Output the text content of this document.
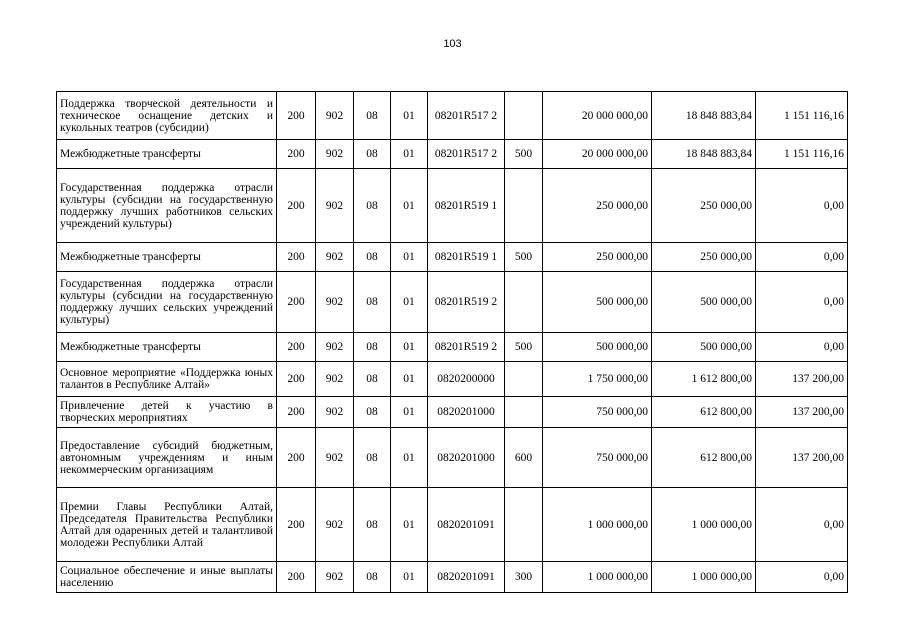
103
Поддержка творческой деятельности и техническое оснащение детских и кукольных театров (субсидии)	200	902	08	01	08201R517 2		20 000 000,00	18 848 883,84	1 151 116,16
Межбюджетные трансферты	200	902	08	01	08201R517 2	500	20 000 000,00	18 848 883,84	1 151 116,16
Государственная поддержка отрасли культуры (субсидии на государственную поддержку лучших работников сельских учреждений культуры)	200	902	08	01	08201R519 1		250 000,00	250 000,00	0,00
Межбюджетные трансферты	200	902	08	01	08201R519 1	500	250 000,00	250 000,00	0,00
Государственная поддержка отрасли культуры (субсидии на государственную поддержку лучших сельских учреждений культуры)	200	902	08	01	08201R519 2		500 000,00	500 000,00	0,00
Межбюджетные трансферты	200	902	08	01	08201R519 2	500	500 000,00	500 000,00	0,00
Основное мероприятие «Поддержка юных талантов в Республике Алтай»	200	902	08	01	0820200000		1 750 000,00	1 612 800,00	137 200,00
Привлечение детей к участию в творческих мероприятиях	200	902	08	01	0820201000		750 000,00	612 800,00	137 200,00
Предоставление субсидий бюджетным, автономным учреждениям и иным некоммерческим организациям	200	902	08	01	0820201000	600	750 000,00	612 800,00	137 200,00
Премии Главы Республики Алтай, Председателя Правительства Республики Алтай для одаренных детей и талантливой молодежи Республики Алтай	200	902	08	01	0820201091		1 000 000,00	1 000 000,00	0,00
Социальное обеспечение и иные выплаты населению	200	902	08	01	0820201091	300	1 000 000,00	1 000 000,00	0,00
